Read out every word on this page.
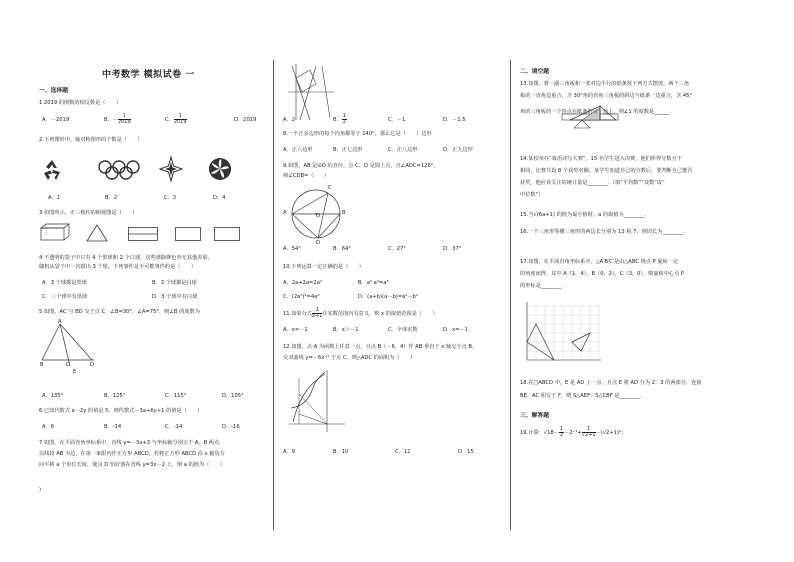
中考数学 模拟试卷 一
一、选择题
1.2019 的倒数的相反数是（　　）
A．－2019	B．－ $\frac{1}{2019}$	C． $\frac{1}{2019}$	D．2019
2.下列图形中，轴对称图形的个数是（　　）
A．1	B．2	C．3	D．4
3.如图所示，正三棱柱的俯视图是（　　）
4.不透明的袋子中只有 4 个黑球和 2 个白球，这些球除颜色外无其他差别，
随机从袋子中一次摸出 3 个球，下列事件是不可能事件的是（　　）
A．3 个球都是黑球	B．3 个球都是白球
C．三个球中有黑球	D．3 个球中有白球
5.如图，AC 与 BD 交于点 C，∠B=30°，∠A=75°，则∠B 的度数为
A
B	C	D
E
A．135°	B．125°	C．115°	D．105°
6.已知代数式 a－2y 的值是 5，则代数式－3a+6y+1 的值是（　　）
A．6	B．-14	C．-14	D．-16
7.如图，在平面直角坐标系中，直线 y=－3x+3 与坐标轴分别交于 A、B 两点，
以线段 AB 为边，在第一象限内作正方形 ABCD，若将正方形 ABCD 沿 x 轴负方
向平移 a 个单位长度，使点 D 恰好落在直线 y=3x－2 上，则 a 的值为（　　）
)
A．2	B． $\frac{1}{2}$	C．－1	D．－1.5
8.一个正多边形的每个内角都等于 140°，那么它是（　　）边形
A．正六边形	B．正七边形	C．正八边形	D．正九边形
9.如图，AB 是⊙O 的直径，点 C、D 是圆上点，且∠ADC=126°，
则∠CDB=（　　）
A	B
C
D
O
A．54°	B．64°	C．27°	D．37°
10.下列运算一定正确的是（　　）
A．2a+2a=2a²	B．a²·a³=a⁶
C．(2a³)²=4a⁶	D．(a+b)(a－b)=a²－b²
11.如果分式 $\frac{1}{x+1}$ 在实数范围内有意义，则 x 的取值范围是（　　）
A．x≠－1	B．x＞－1	C．全体实数	D．x=－1
12.如图，点 A 为函数上任意一点，且点 B（－6，4）作 AB 垂直于 x 轴交于点 B，
交双曲线 y=－6x⁻¹ 于点 C，则△ADC 的面积为（　　）
A．9	B．10	C．12	D．15
二、填空题
13.如图，将一副三角板和一张对边平行的纸条按下列方式摆放，两个三角
板的一直角边重合，含 30°角的直角三角板的斜边与纸条一边重合，含 45°
角的三角板的一个顶点在纸条的另一边上，则∠1 的度数是______.
14.某校举办“戏语诗写大赛”，15 名学生进入决赛，他们所得分数互不
相同，比赛共设 8 个获奖名额，某学生知道自己的分数后，要判断自己能否
获奖，他应该关注的统计量是________.（填“平均数”“众数”或“
中位数”）
15.当√(6a+1) 的值为最小值时，a 的取值为________.
16.一个三角形等腰三角形的两边长分别为 13 和 7，则周长为________.
17.如图，在平面直角坐标系中，△A′B′C′是由△ABC 绕点 P 旋转一定
的角度而得，其中 A（1，4），B（0，2），C（3，0），则旋转中心点 P
的坐标是________.
18.在□ABCD 中，E 是 AD 上一点，且点 E 将 AD 分为 2：3 的两部分，连接
BE、AC 相交于 F，则 S△AEF：S△CBF 是________.
三、解答题
19.计算：$√18- \frac{1}{2} -2^{-1}+ \frac{1}{√2+1} -(√2+1)^0$；
